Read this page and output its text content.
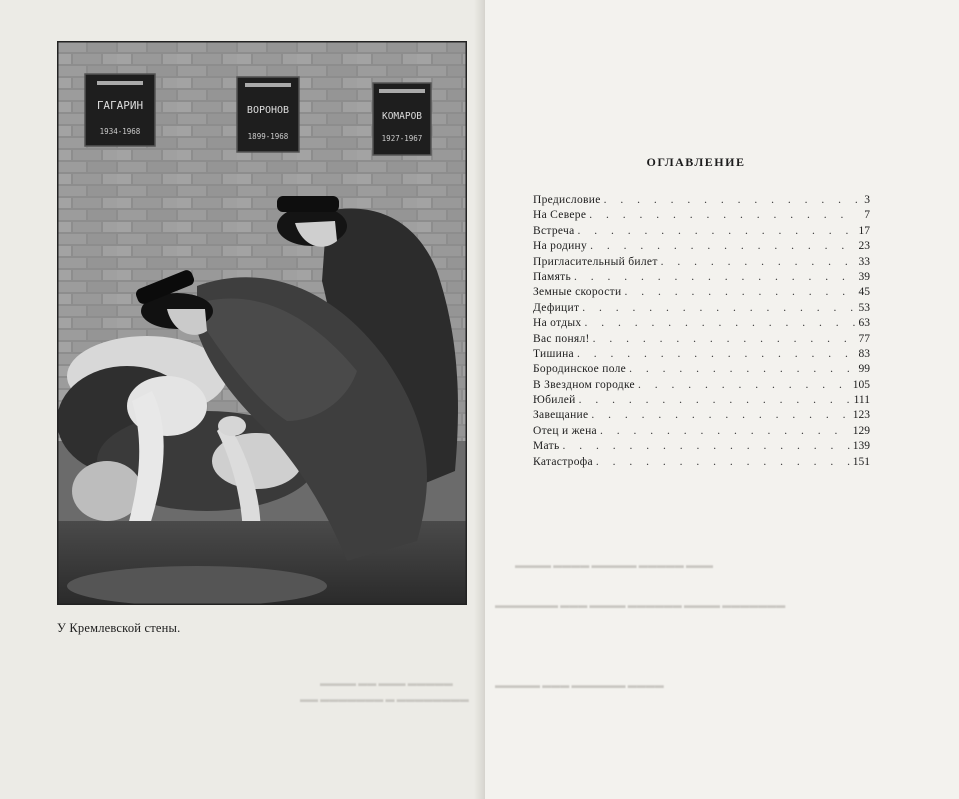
ГАГАРИН
1934-1968
ВОРОНОВ
1899-1968
КОМАРОВ
1927-1967
У Кремлевской стены.
▬▬▬▬ ▬▬ ▬▬▬ ▬▬▬▬▬
▬▬ ▬▬▬▬▬▬▬ ▬ ▬▬▬▬▬▬▬▬
▬▬▬▬ ▬▬▬▬ ▬▬▬▬▬ ▬▬▬▬▬ ▬▬▬
▬▬▬▬▬▬▬ ▬▬▬ ▬▬▬▬ ▬▬▬▬▬▬ ▬▬▬▬ ▬▬▬▬▬▬▬
▬▬▬▬▬ ▬▬▬ ▬▬▬▬▬▬ ▬▬▬▬
ОГЛАВЛЕНИЕ
Предисловие . . .	3
На Севере . . .	7
Встреча . . .	17
На родину . . .	23
Пригласительный билет . . .	33
Память . . .	39
Земные скорости . . .	45
Дефицит . . .	53
На отдых . . .	63
Вас понял! . . .	77
Тишина . . .	83
Бородинское поле . . .	99
В Звездном городке . . .	105
Юбилей . . .	111
Завещание . . .	123
Отец и жена . . .	129
Мать . . .	139
Катастрофа . . .	151
